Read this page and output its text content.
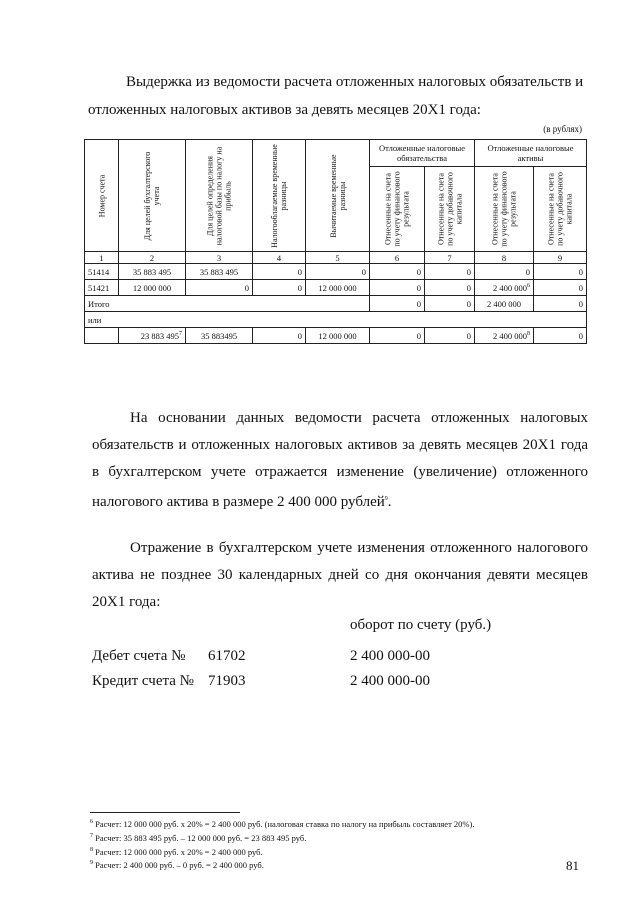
Выдержка из ведомости расчета отложенных налоговых обязательств и
отложенных налоговых активов за девять месяцев 20Х1 года:
(в рублях)
Номер счета	Для целей бухгалтерского учета	Для целей определения налоговой базы по налогу на прибыль	Налогооблагаемые временные разницы	Вычитаемые временные разницы	Отложенные налоговые обязательства		Отложенные налоговые активы	

					Отнесенные на счета по учету финансового результата	Отнесенные на счета по учету добавочного капитала	Отнесенные на счета по учету финансового результата	Отнесенные на счета по учету добавочного капитала

1	2	3	4	5	6	7	8	9
51414	35 883 495	35 883 495	0	0	0	0	0	0
51421	12 000 000	0	0	12 000 000	0	0	2 400 $000^6$	0
Итого					0	0	2 400 000	0
или								
	23 883 $495^7$	35 883495	0	12 000 000	0	0	2 400 $000^8$	0
На основании данных ведомости расчета отложенных налоговых обязательств и отложенных налоговых активов за девять месяцев 20Х1 года в бухгалтерском учете отражается изменение (увеличение) отложенного налогового актива в размере 2 400 000 рублей$^9$.
Отражение в бухгалтерском учете изменения отложенного налогового актива не позднее 30 календарных дней со дня окончания девяти месяцев 20Х1 года:
оборот по счету (руб.)
Дебет счета № 61702	2 400 000-00
Кредит счета № 71903	2 400 000-00
$^6$ Расчет: 12 000 000 руб. х 20% = 2 400 000 руб. (налоговая ставка по налогу на прибыль составляет 20%).
$^7$ Расчет: 35 883 495 руб. – 12 000 000 руб. = 23 883 495 руб.
$^8$ Расчет: 12 000 000 руб. х 20% = 2 400 000 руб.
$^9$ Расчет: 2 400 000 руб. – 0 руб. = 2 400 000 руб.	81
